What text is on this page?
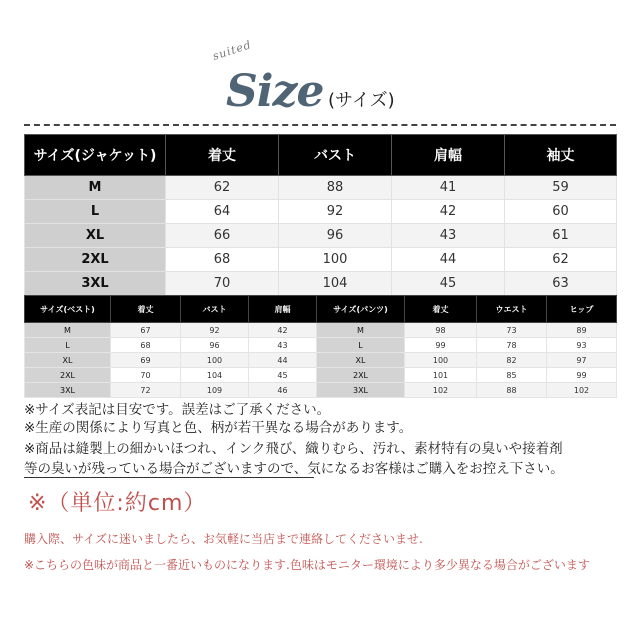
suited
Size (サイズ)
サイズ(ジャケット)	着丈	バスト	肩幅	袖丈
M	62	88	41	59
L	64	92	42	60
XL	66	96	43	61
2XL	68	100	44	62
3XL	70	104	45	63
サイズ(ベスト)	着丈	バスト	肩幅
M	67	92	42
L	68	96	43
XL	69	100	44
2XL	70	104	45
3XL	72	109	46
サイズ(パンツ)	着丈	ウエスト	ヒップ
M	98	73	89
L	99	78	93
XL	100	82	97
2XL	101	85	99
3XL	102	88	102
※サイズ表記は目安です。誤差はご了承ください。
※生産の関係により写真と色、柄が若干異なる場合があります。
※商品は縫製上の細かいほつれ、インク飛び、織りむら、汚れ、素材特有の臭いや接着剤
等の臭いが残っている場合がございますので、気になるお客様はご購入をお控え下さい。
※（単位:約cm）
購入際、サイズに迷いましたら、お気軽に当店まで連絡してくださいませ.
※こちらの色味が商品と一番近いものになります.色味はモニター環境により多少異なる場合がございます
